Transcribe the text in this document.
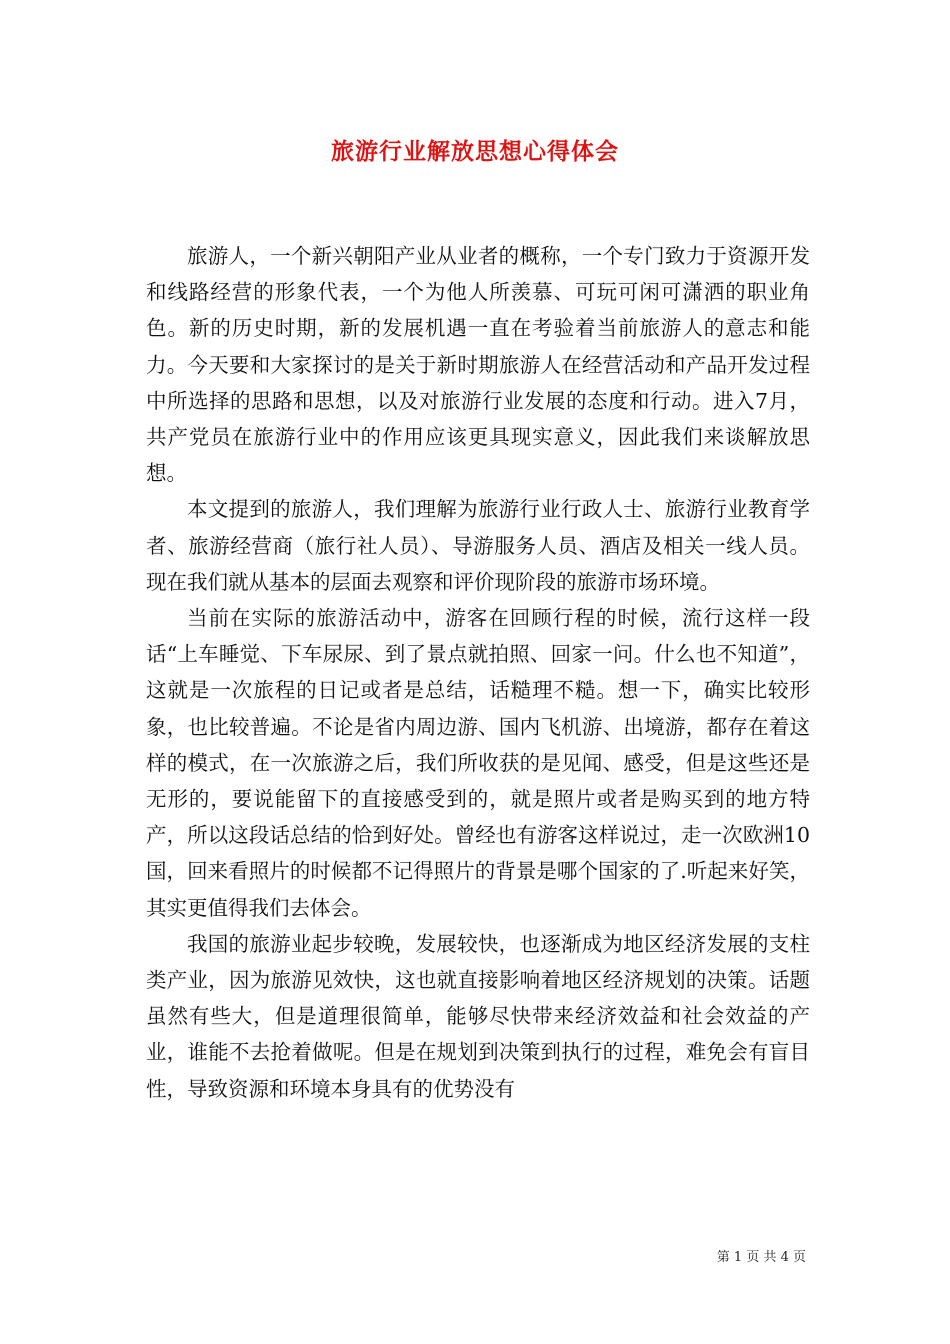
旅游行业解放思想心得体会

旅游人，一个新兴朝阳产业从业者的概称，一个专门致力于资源开发和线路经营的形象代表，一个为他人所羡慕、可玩可闲可潇洒的职业角色。新的历史时期，新的发展机遇一直在考验着当前旅游人的意志和能力。今天要和大家探讨的是关于新时期旅游人在经营活动和产品开发过程中所选择的思路和思想，以及对旅游行业发展的态度和行动。进入7月，共产党员在旅游行业中的作用应该更具现实意义，因此我们来谈解放思想。

本文提到的旅游人，我们理解为旅游行业行政人士、旅游行业教育学者、旅游经营商（旅行社人员）、导游服务人员、酒店及相关一线人员。现在我们就从基本的层面去观察和评价现阶段的旅游市场环境。

当前在实际的旅游活动中，游客在回顾行程的时候，流行这样一段话“上车睡觉、下车尿尿、到了景点就拍照、回家一问。什么也不知道”，这就是一次旅程的日记或者是总结，话糙理不糙。想一下，确实比较形象，也比较普遍。不论是省内周边游、国内飞机游、出境游，都存在着这样的模式，在一次旅游之后，我们所收获的是见闻、感受，但是这些还是无形的，要说能留下的直接感受到的，就是照片或者是购买到的地方特产，所以这段话总结的恰到好处。曾经也有游客这样说过，走一次欧洲10国，回来看照片的时候都不记得照片的背景是哪个国家的了.听起来好笑，其实更值得我们去体会。

我国的旅游业起步较晚，发展较快，也逐渐成为地区经济发展的支柱类产业，因为旅游见效快，这也就直接影响着地区经济规划的决策。话题虽然有些大，但是道理很简单，能够尽快带来经济效益和社会效益的产业，谁能不去抢着做呢。但是在规划到决策到执行的过程，难免会有盲目性，导致资源和环境本身具有的优势没有

第 1 页 共 4 页
